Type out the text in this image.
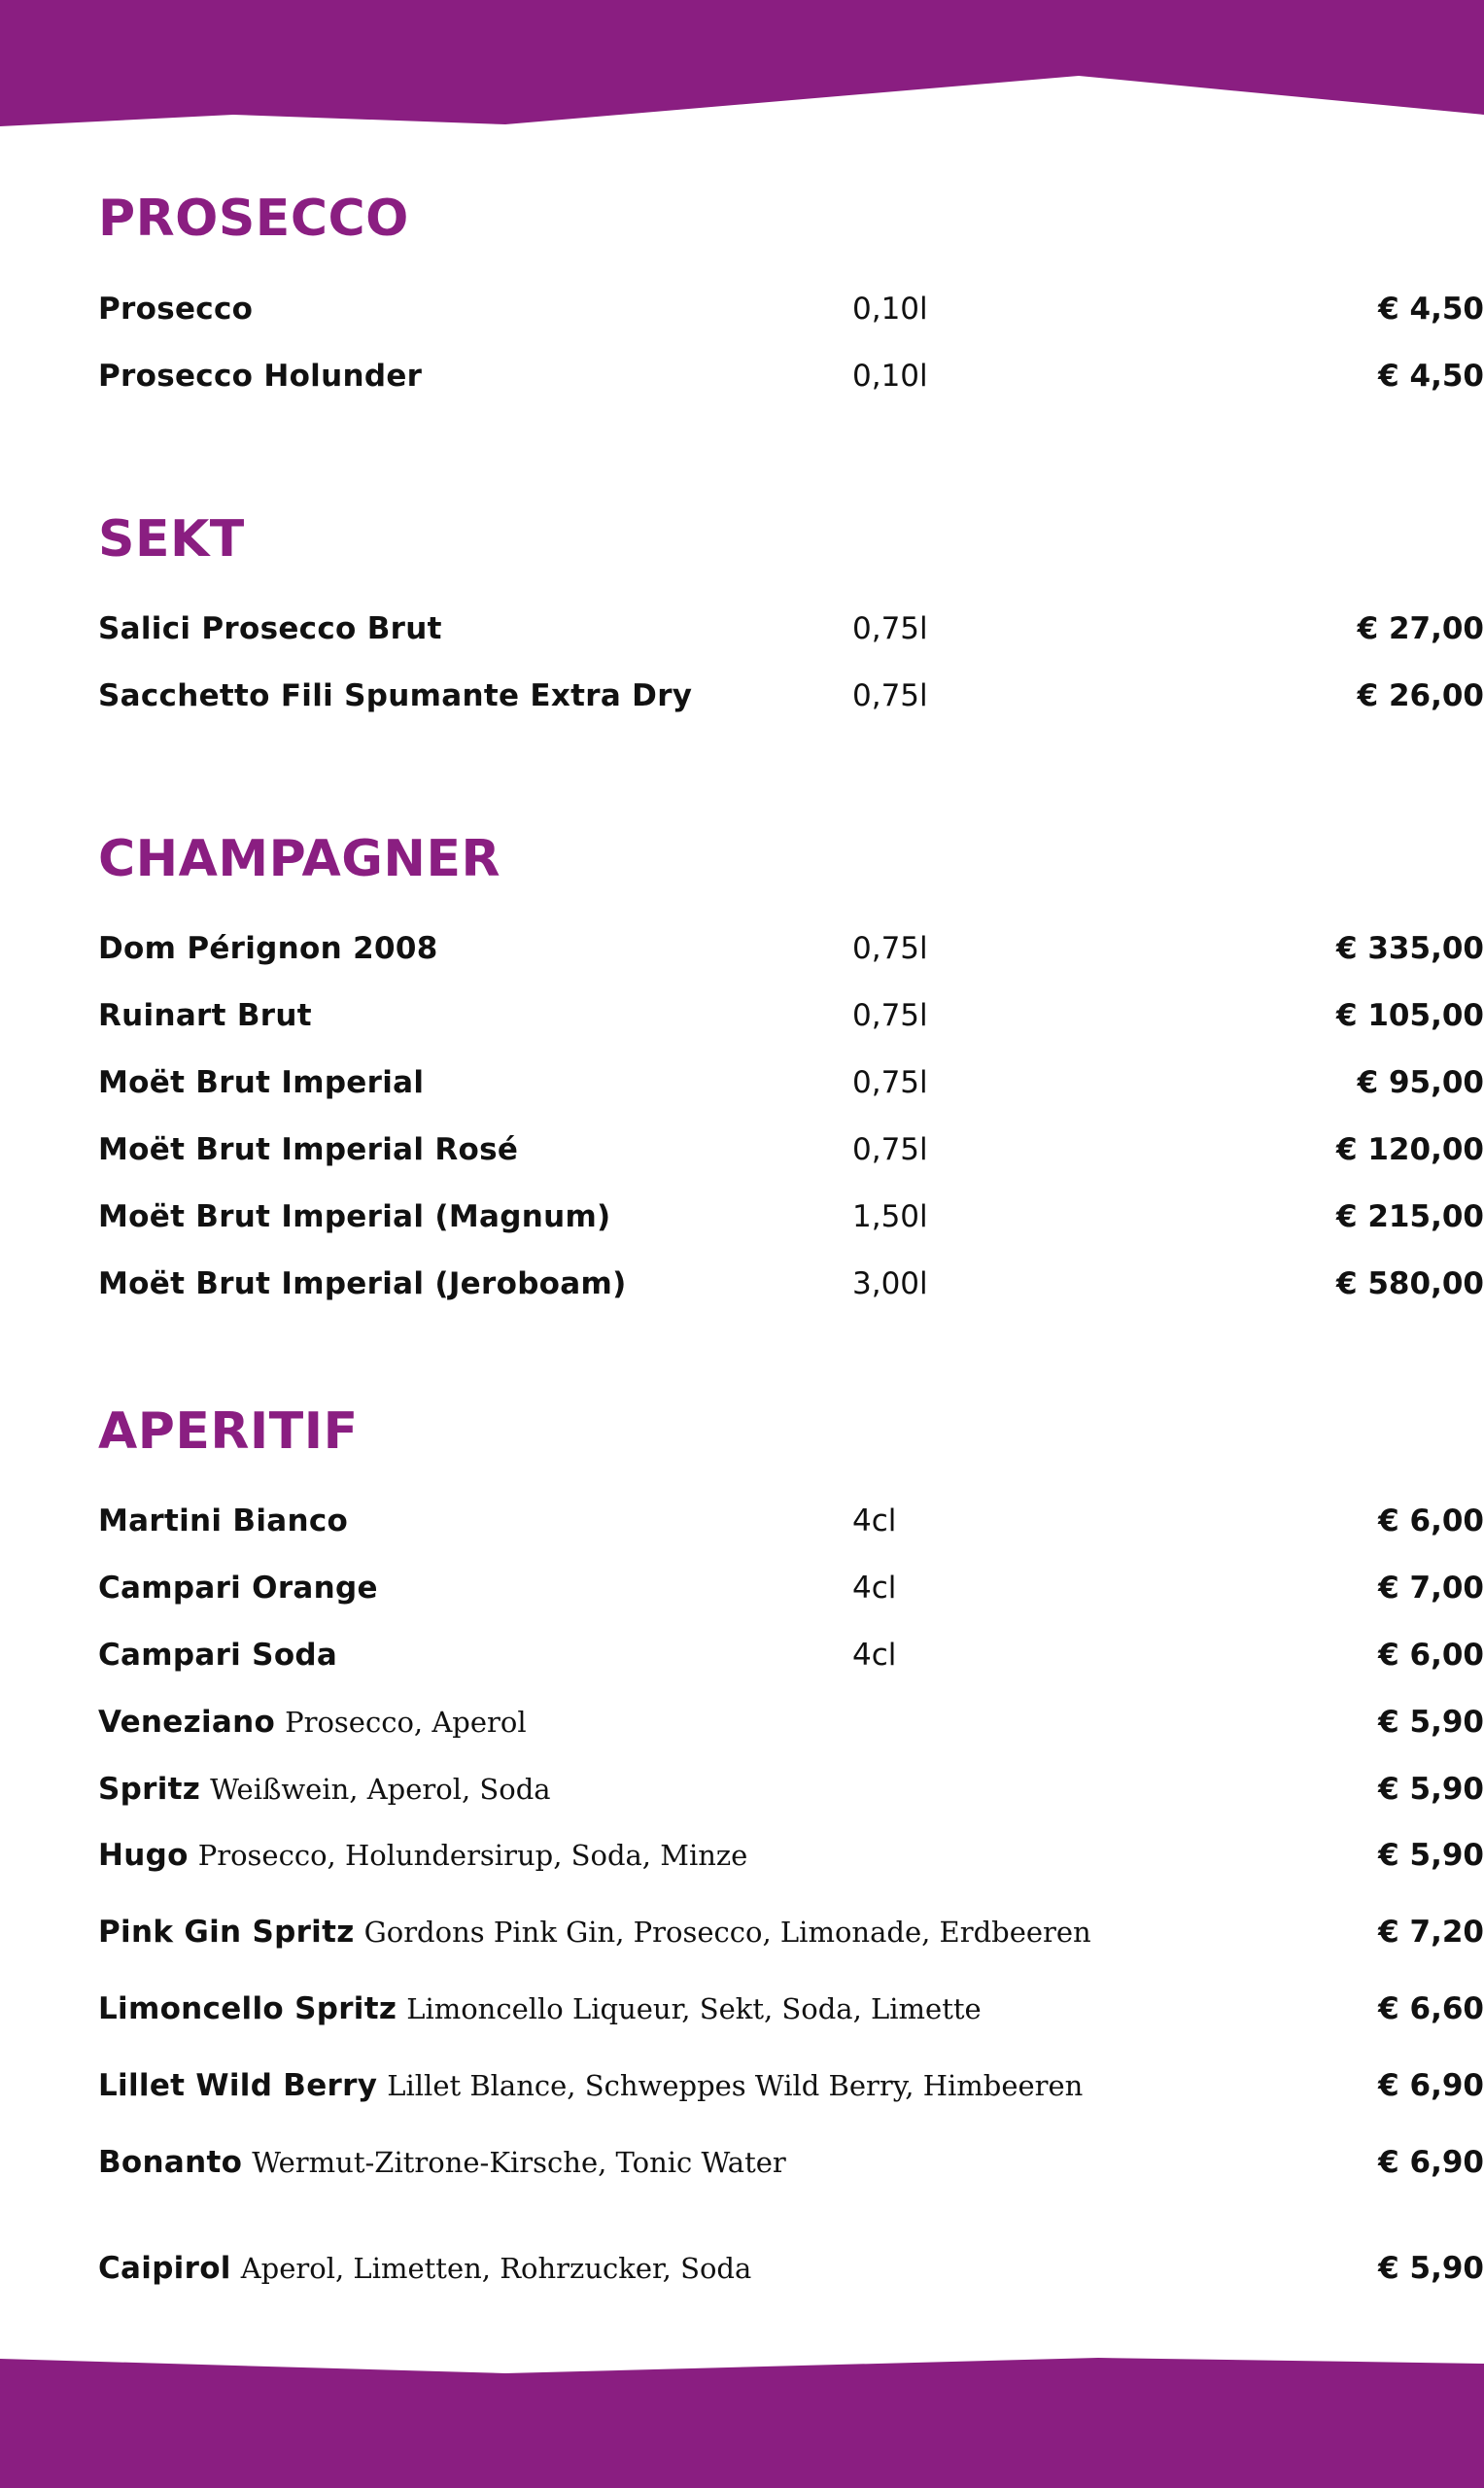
PROSECCO
Prosecco	0,10l	€ 4,50
Prosecco Holunder	0,10l	€ 4,50
SEKT
Salici Prosecco Brut	0,75l	€ 27,00
Sacchetto Fili Spumante Extra Dry	0,75l	€ 26,00
CHAMPAGNER
Dom Pérignon 2008	0,75l	€ 335,00
Ruinart Brut	0,75l	€ 105,00
Moët Brut Imperial	0,75l	€ 95,00
Moët Brut Imperial Rosé	0,75l	€ 120,00
Moët Brut Imperial (Magnum)	1,50l	€ 215,00
Moët Brut Imperial (Jeroboam)	3,00l	€ 580,00
APERITIF
Martini Bianco	4cl	€ 6,00
Campari Orange	4cl	€ 7,00
Campari Soda	4cl	€ 6,00
Veneziano Prosecco, Aperol	€ 5,90
Spritz Weißwein, Aperol, Soda	€ 5,90
Hugo Prosecco, Holundersirup, Soda, Minze	€ 5,90
Pink Gin Spritz Gordons Pink Gin, Prosecco, Limonade, Erdbeeren	€ 7,20
Limoncello Spritz Limoncello Liqueur, Sekt, Soda, Limette	€ 6,60
Lillet Wild Berry Lillet Blance, Schweppes Wild Berry, Himbeeren	€ 6,90
Bonanto Wermut-Zitrone-Kirsche, Tonic Water	€ 6,90
Caipirol Aperol, Limetten, Rohrzucker, Soda	€ 5,90
